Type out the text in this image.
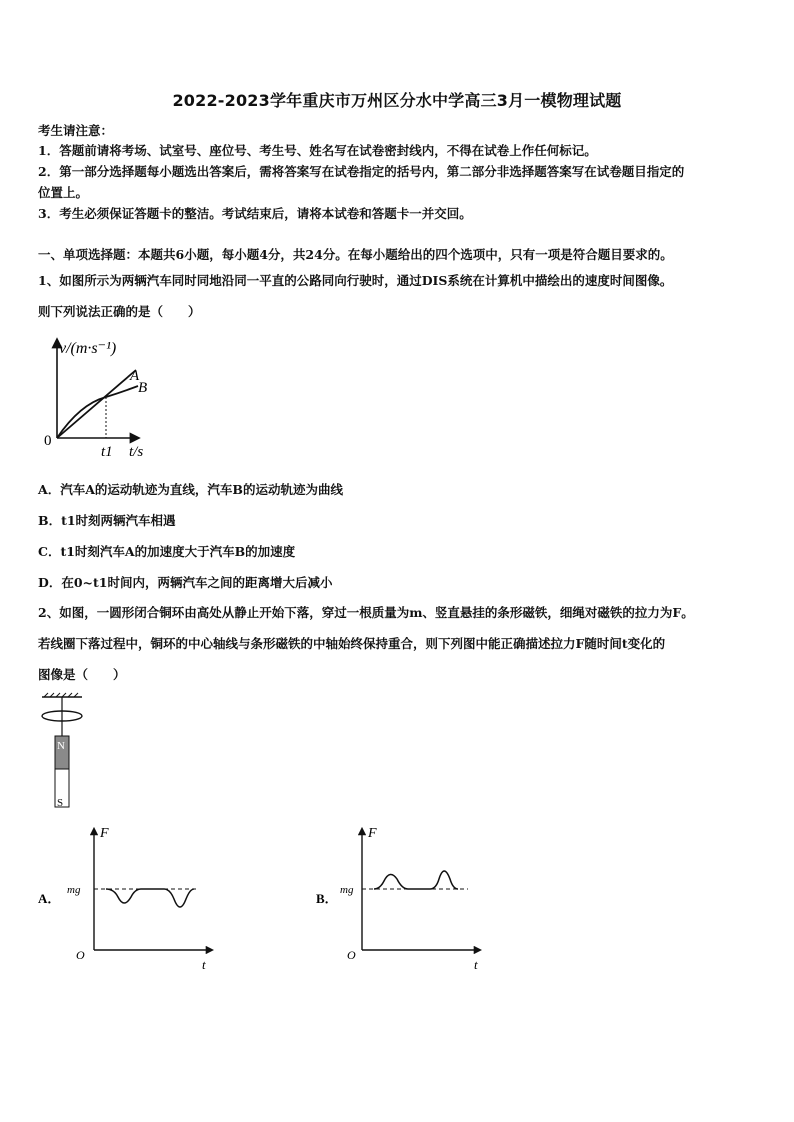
2022-2023学年重庆市万州区分水中学高三3月一模物理试题
考生请注意：
1．答题前请将考场、试室号、座位号、考生号、姓名写在试卷密封线内，不得在试卷上作任何标记。
2．第一部分选择题每小题选出答案后，需将答案写在试卷指定的括号内，第二部分非选择题答案写在试卷题目指定的
位置上。
3．考生必须保证答题卡的整洁。考试结束后，请将本试卷和答题卡一并交回。
一、单项选择题：本题共6小题，每小题4分，共24分。在每小题给出的四个选项中，只有一项是符合题目要求的。
1、如图所示为两辆汽车同时同地沿同一平直的公路同向行驶时，通过DIS系统在计算机中描绘出的速度时间图像。
则下列说法正确的是（　　）
v/(m·s⁻¹)
A
B
0
t1 t/s
A．汽车A的运动轨迹为直线，汽车B的运动轨迹为曲线
B．t1时刻两辆汽车相遇
C．t1时刻汽车A的加速度大于汽车B的加速度
D．在0~t1时间内，两辆汽车之间的距离增大后减小
2、如图，一圆形闭合铜环由高处从静止开始下落，穿过一根质量为m、竖直悬挂的条形磁铁，细绳对磁铁的拉力为F。
若线圈下落过程中，铜环的中心轴线与条形磁铁的中轴始终保持重合，则下列图中能正确描述拉力F随时间t变化的
图像是（　　）
N
S
A．
F
mg
O
t
B．
F
mg
O
t
